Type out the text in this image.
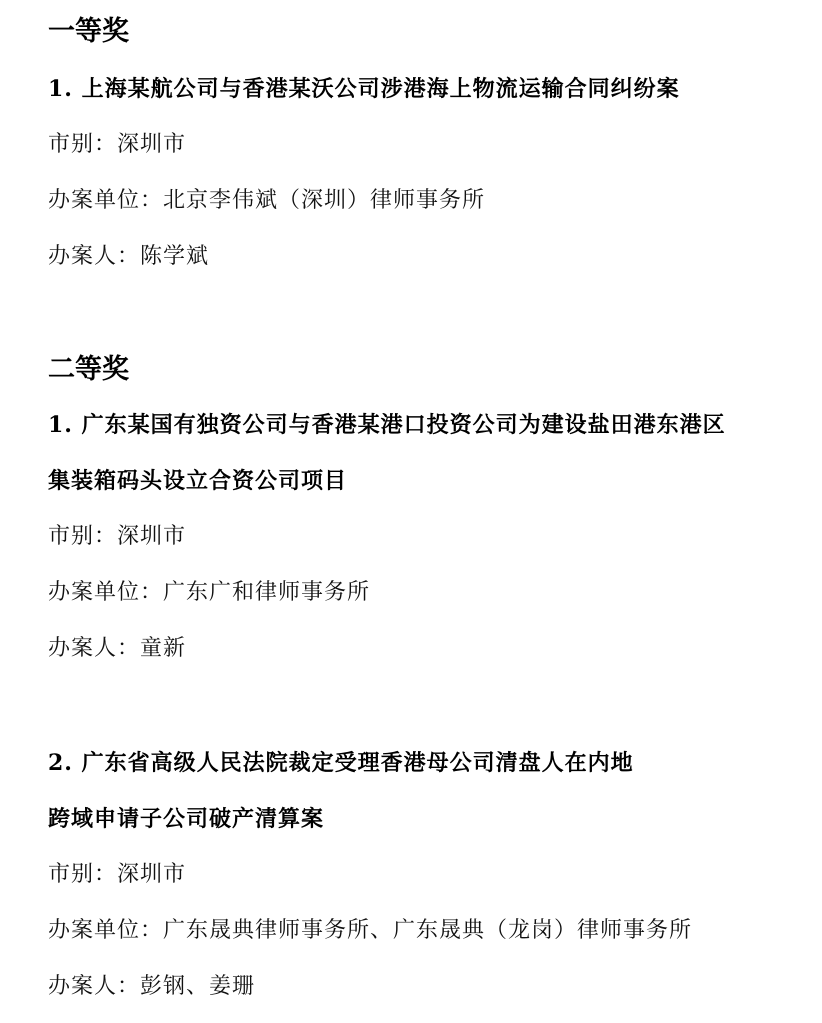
一等奖
1. 上海某航公司与香港某沃公司涉港海上物流运输合同纠纷案
市别：深圳市
办案单位：北京李伟斌（深圳）律师事务所
办案人：陈学斌
二等奖
1. 广东某国有独资公司与香港某港口投资公司为建设盐田港东港区
集装箱码头设立合资公司项目
市别：深圳市
办案单位：广东广和律师事务所
办案人：童新
2. 广东省高级人民法院裁定受理香港母公司清盘人在内地
跨域申请子公司破产清算案
市别：深圳市
办案单位：广东晟典律师事务所、广东晟典（龙岗）律师事务所
办案人：彭钢、姜珊
